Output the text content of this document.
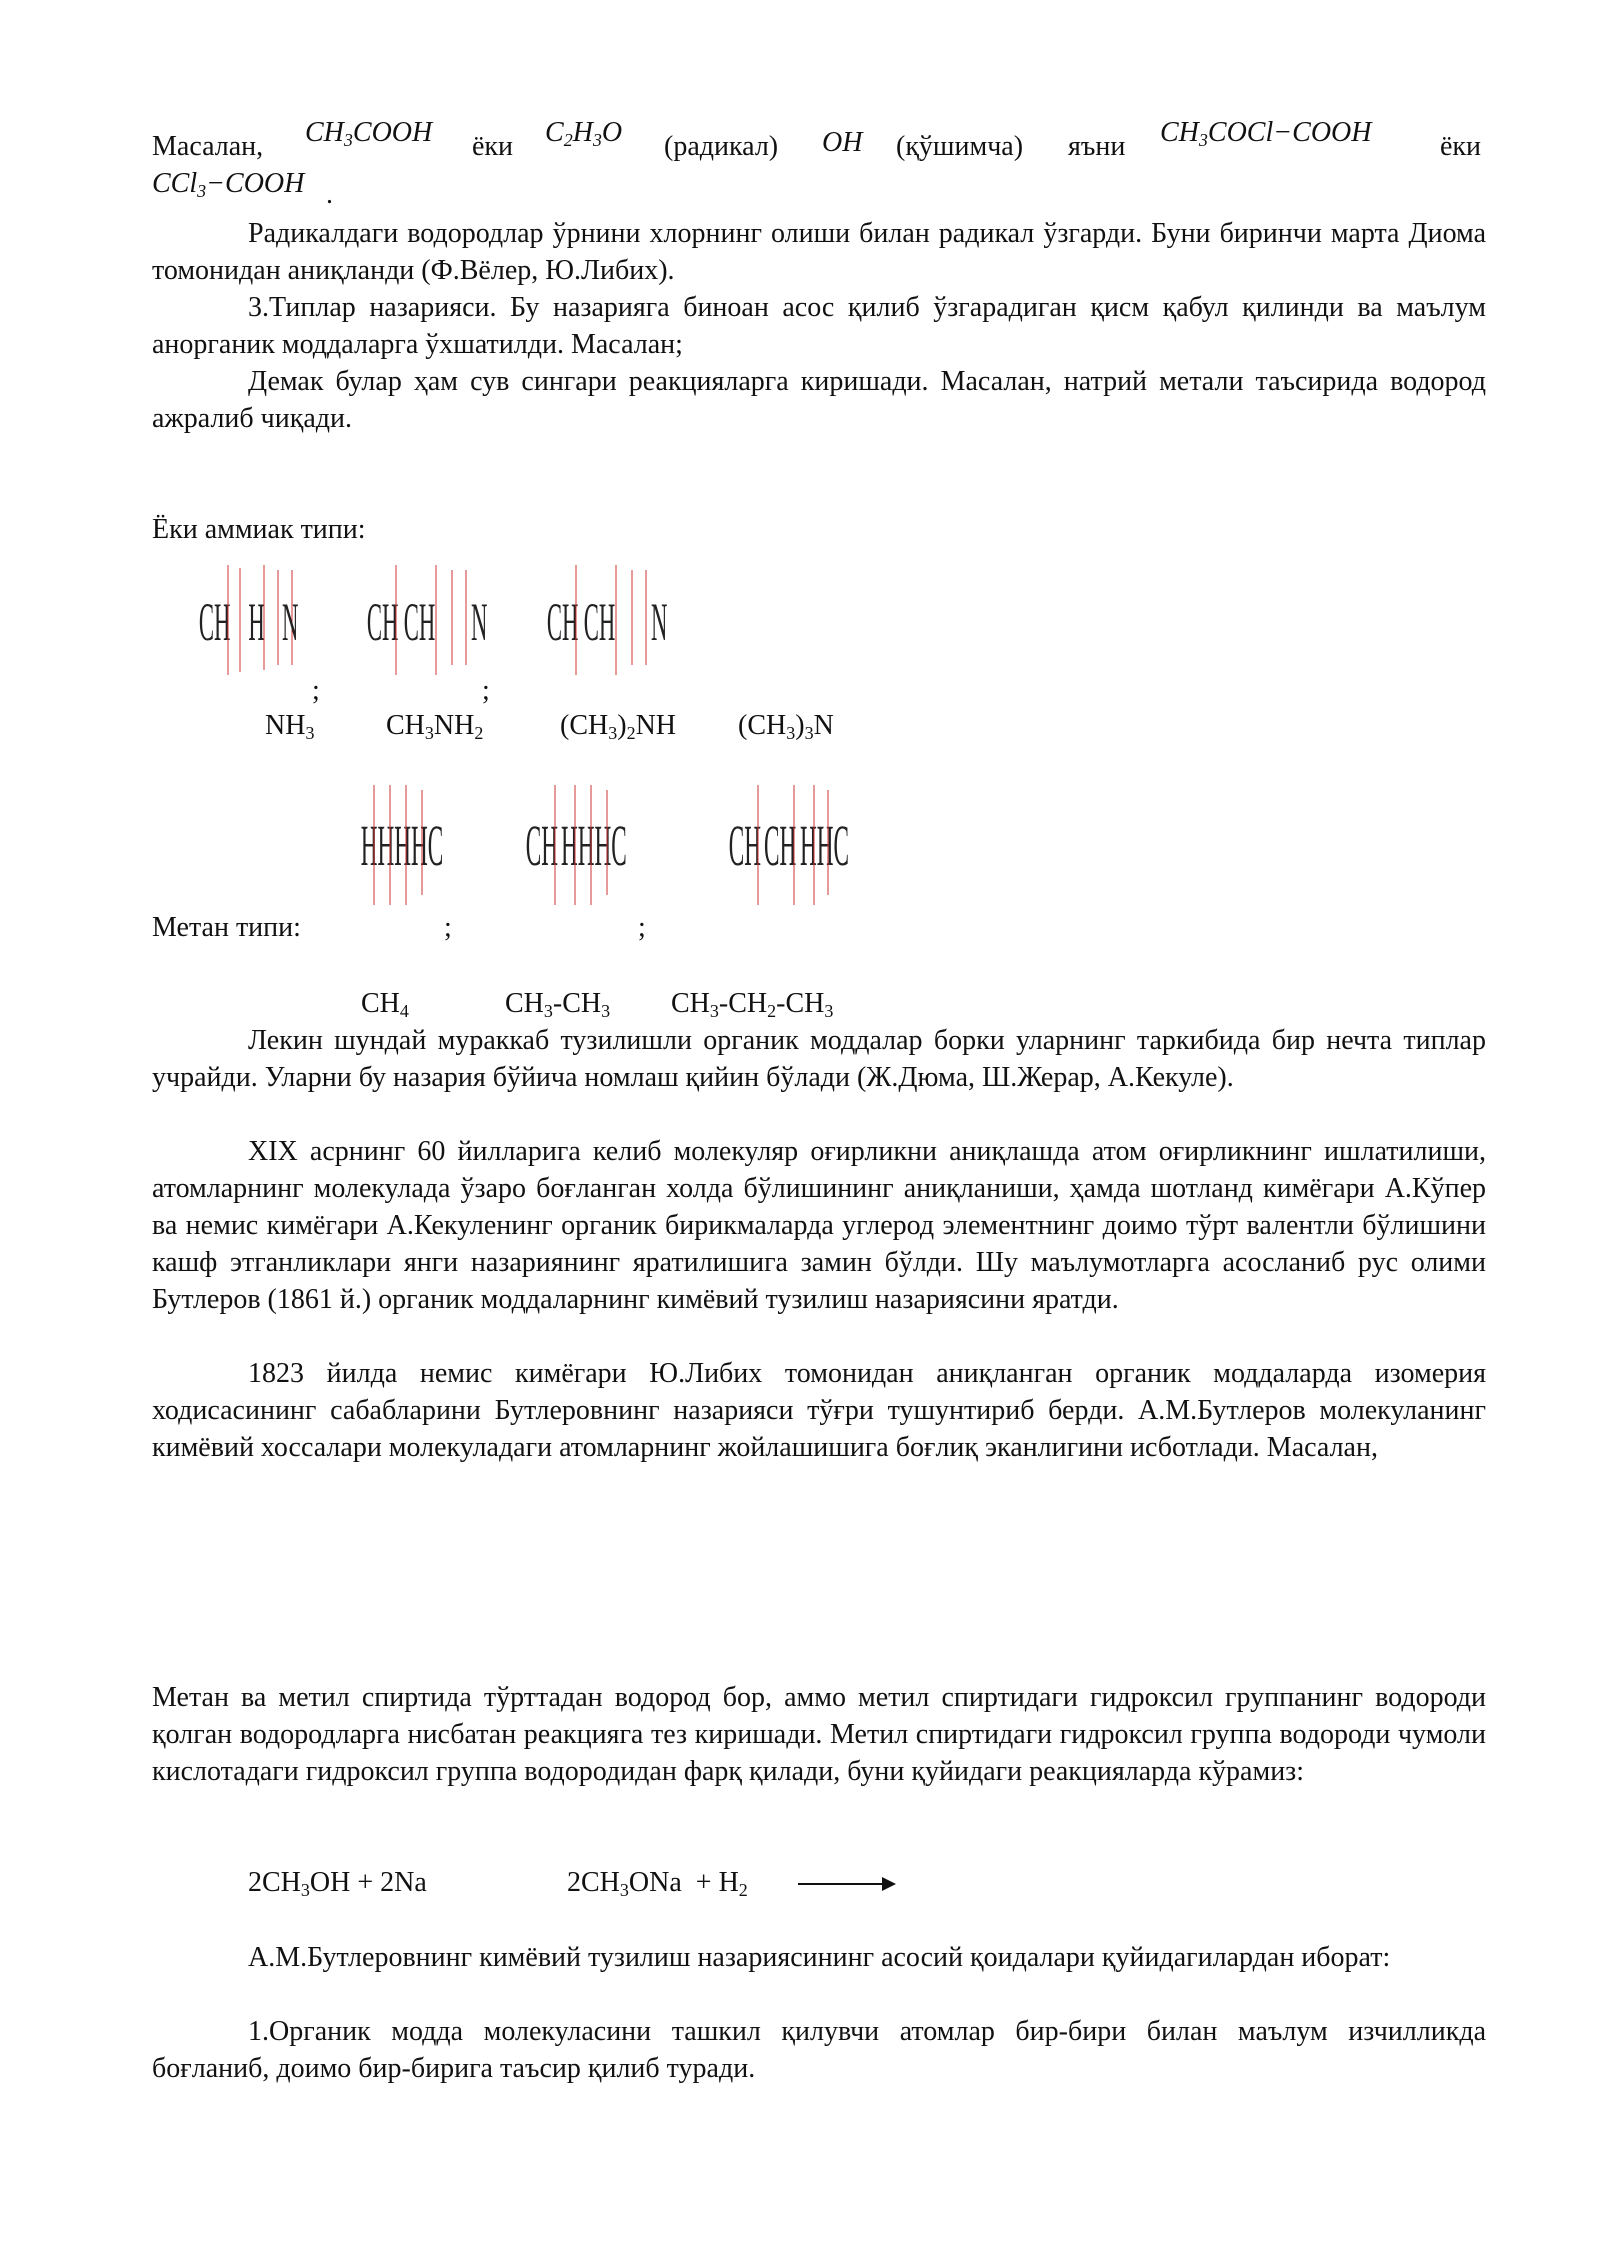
Масалан, $CH_3COOH$ ёки $C_2H_3O$ (радикал) OH (қўшимча) яъни $CH_3COCl-COOH$ ёки
CCl$_3$−COOH .
Радикалдаги водородлар ўрнини хлорнинг олиши билан радикал ўзгарди. Буни биринчи марта Диома томонидан аниқланди (Ф.Вёлер, Ю.Либих).
3.Типлар назарияси. Бу назарияга биноан асос қилиб ўзгарадиган қисм қабул қилинди ва маълум анорганик моддаларга ўхшатилди. Масалан;
Демак булар ҳам сув сингари реакцияларга киришади. Масалан, натрий метали таъсирида водород ажралиб чиқади.
Ёки аммиак типи:
CH H N CH CH N CH CH N
;	;
$NH_3$	$CH_3NH_2$	$(CH_3)_2NH$ $(CH_3)_3N$
HHHHC CH HHHC CH CH HHC
Метан типи:	;	;
$CH_4$	$CH_3-CH_3$ $CH_3-CH_2-CH_3$
Лекин шундай мураккаб тузилишли органик моддалар борки уларнинг таркибида бир нечта типлар учрайди. Уларни бу назария бўйича номлаш қийин бўлади (Ж.Дюма, Ш.Жерар, А.Кекуле).
XIX асрнинг 60 йилларига келиб молекуляр оғирликни аниқлашда атом оғирликнинг ишлатилиши, атомларнинг молекулада ўзаро боғланган холда бўлишининг аниқланиши, ҳамда шотланд кимёгари А.Кўпер ва немис кимёгари А.Кекуленинг органик бирикмаларда углерод элементнинг доимо тўрт валентли бўлишини кашф этганликлари янги назариянинг яратилишига замин бўлди. Шу маълумотларга асосланиб рус олими Бутлеров (1861 й.) органик моддаларнинг кимёвий тузилиш назариясини яратди.
1823 йилда немис кимёгари Ю.Либих томонидан аниқланган органик моддаларда изомерия ходисасининг сабабларини Бутлеровнинг назарияси тўғри тушунтириб берди. А.М.Бутлеров молекуланинг кимёвий хоссалари молекуладаги атомларнинг жойлашишига боғлиқ эканлигини исботлади. Масалан,
Метан ва метил спиртида тўрттадан водород бор, аммо метил спиртидаги гидроксил группанинг водороди қолган водородларга нисбатан реакцияга тез киришади. Метил спиртидаги гидроксил группа водороди чумоли кислотадаги гидроксил группа водородидан фарқ қилади, буни қуйидаги реакцияларда кўрамиз:
$2CH_3OH + 2Na$	$2CH_3ONa + H_2$
А.М.Бутлеровнинг кимёвий тузилиш назариясининг асосий қоидалари қуйидагилардан иборат:
1.Органик модда молекуласини ташкил қилувчи атомлар бир-бири билан маълум изчилликда боғланиб, доимо бир-бирига таъсир қилиб туради.
